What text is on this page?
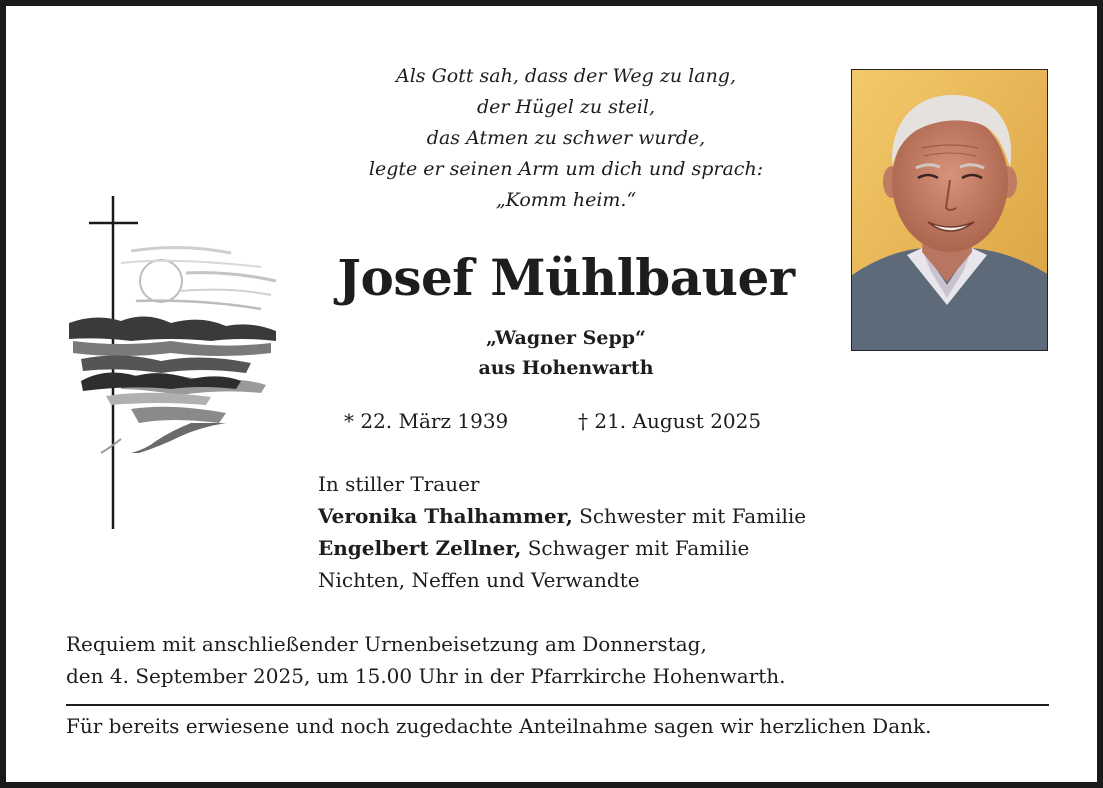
Als Gott sah, dass der Weg zu lang,
der Hügel zu steil,
das Atmen zu schwer wurde,
legte er seinen Arm um dich und sprach:
„Komm heim.“
Josef Mühlbauer
„Wagner Sepp“
aus Hohenwarth
* 22. März 1939	† 21. August 2025
In stiller Trauer
Veronika Thalhammer, Schwester mit Familie
Engelbert Zellner, Schwager mit Familie
Nichten, Neffen und Verwandte
Requiem mit anschließender Urnenbeisetzung am Donnerstag,
den 4. September 2025, um 15.00 Uhr in der Pfarrkirche Hohenwarth.
Für bereits erwiesene und noch zugedachte Anteilnahme sagen wir herzlichen Dank.
